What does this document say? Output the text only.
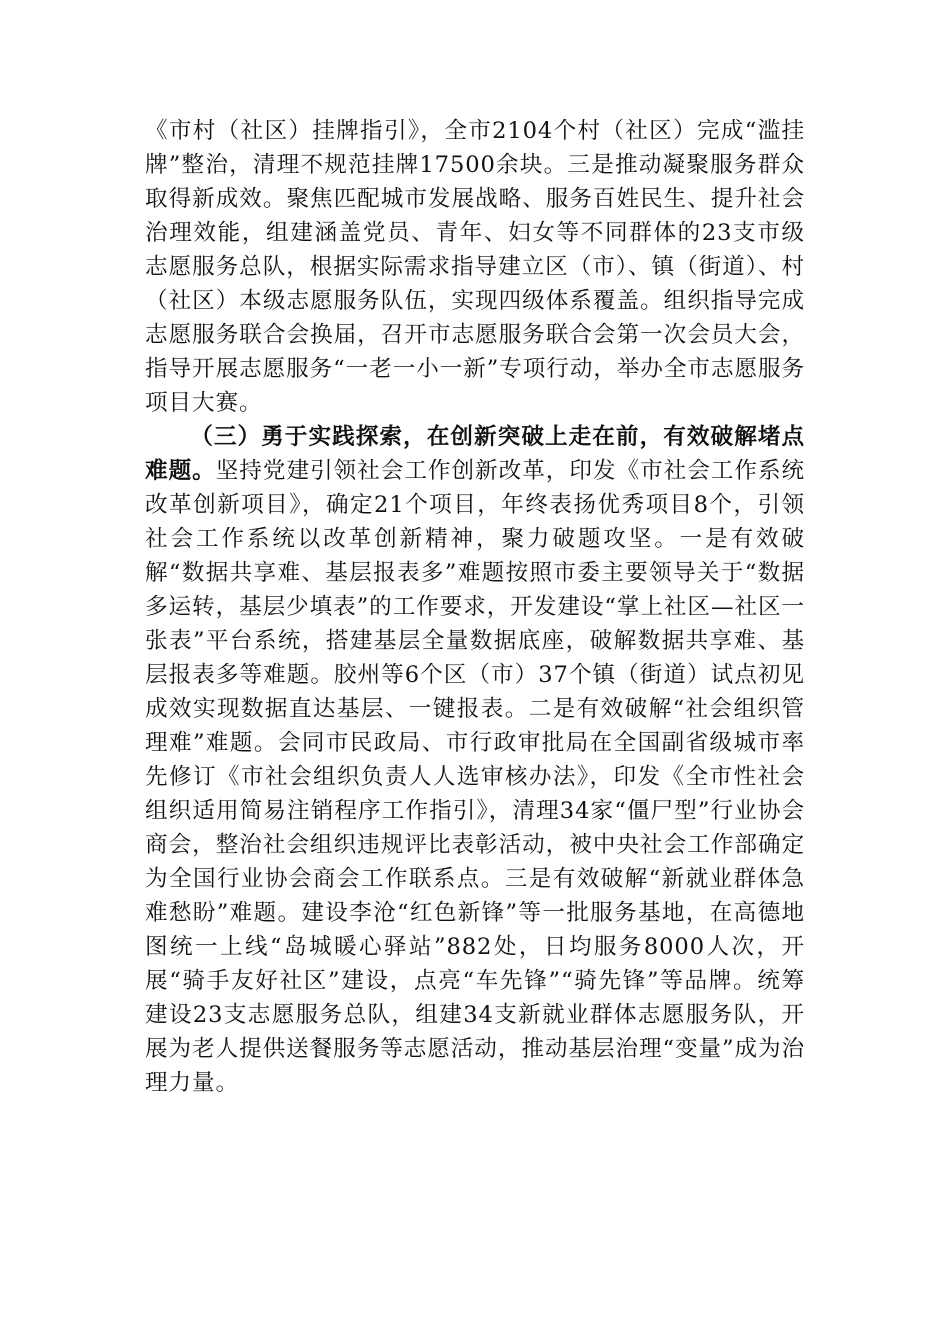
《市村（社区）挂牌指引》，全市2104个村（社区）完成“滥挂牌”整治，清理不规范挂牌17500余块。三是推动凝聚服务群众取得新成效。聚焦匹配城市发展战略、服务百姓民生、提升社会治理效能，组建涵盖党员、青年、妇女等不同群体的23支市级志愿服务总队，根据实际需求指导建立区（市）、镇（街道）、村（社区）本级志愿服务队伍，实现四级体系覆盖。组织指导完成志愿服务联合会换届，召开市志愿服务联合会第一次会员大会，指导开展志愿服务“一老一小一新”专项行动，举办全市志愿服务项目大赛。

（三）勇于实践探索，在创新突破上走在前，有效破解堵点难题。坚持党建引领社会工作创新改革，印发《市社会工作系统改革创新项目》，确定21个项目，年终表扬优秀项目8个，引领社会工作系统以改革创新精神，聚力破题攻坚。一是有效破解“数据共享难、基层报表多”难题按照市委主要领导关于“数据多运转，基层少填表”的工作要求，开发建设“掌上社区—社区一张表”平台系统，搭建基层全量数据底座，破解数据共享难、基层报表多等难题。胶州等6个区（市）37个镇（街道）试点初见成效实现数据直达基层、一键报表。二是有效破解“社会组织管理难”难题。会同市民政局、市行政审批局在全国副省级城市率先修订《市社会组织负责人人选审核办法》，印发《全市性社会组织适用简易注销程序工作指引》，清理34家“僵尸型”行业协会商会，整治社会组织违规评比表彰活动，被中央社会工作部确定为全国行业协会商会工作联系点。三是有效破解“新就业群体急难愁盼”难题。建设李沧“红色新锋”等一批服务基地，在高德地图统一上线“岛城暖心驿站”882处，日均服务8000人次，开展“骑手友好社区”建设，点亮“车先锋”“骑先锋”等品牌。统筹建设23支志愿服务总队，组建34支新就业群体志愿服务队，开展为老人提供送餐服务等志愿活动，推动基层治理“变量”成为治理力量。
